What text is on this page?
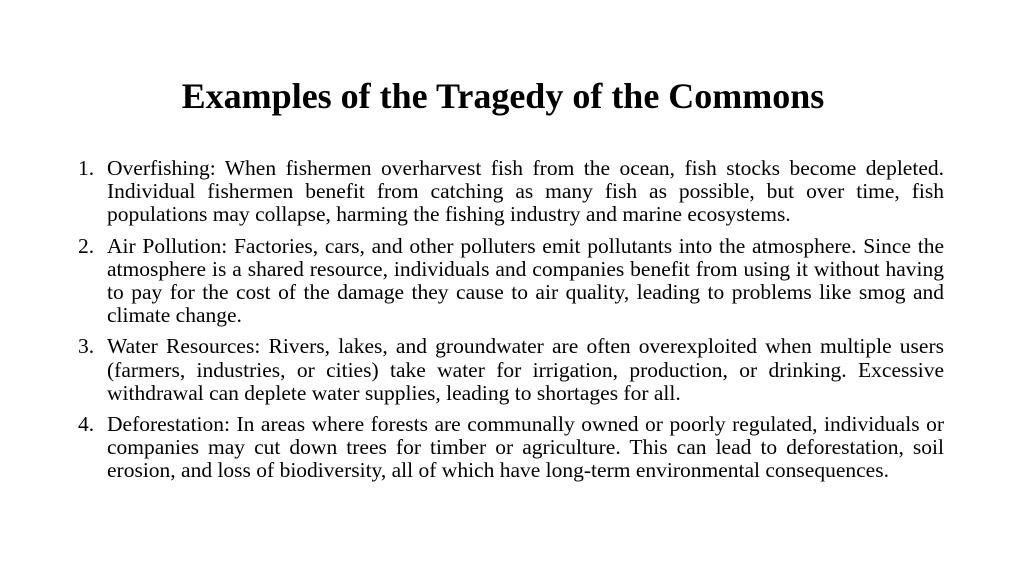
Examples of the Tragedy of the Commons
1. Overfishing: When fishermen overharvest fish from the ocean, fish stocks become depleted. Individual fishermen benefit from catching as many fish as possible, but over time, fish populations may collapse, harming the fishing industry and marine ecosystems.
2. Air Pollution: Factories, cars, and other polluters emit pollutants into the atmosphere. Since the atmosphere is a shared resource, individuals and companies benefit from using it without having to pay for the cost of the damage they cause to air quality, leading to problems like smog and climate change.
3. Water Resources: Rivers, lakes, and groundwater are often overexploited when multiple users (farmers, industries, or cities) take water for irrigation, production, or drinking. Excessive withdrawal can deplete water supplies, leading to shortages for all.
4. Deforestation: In areas where forests are communally owned or poorly regulated, individuals or companies may cut down trees for timber or agriculture. This can lead to deforestation, soil erosion, and loss of biodiversity, all of which have long-term environmental consequences.
